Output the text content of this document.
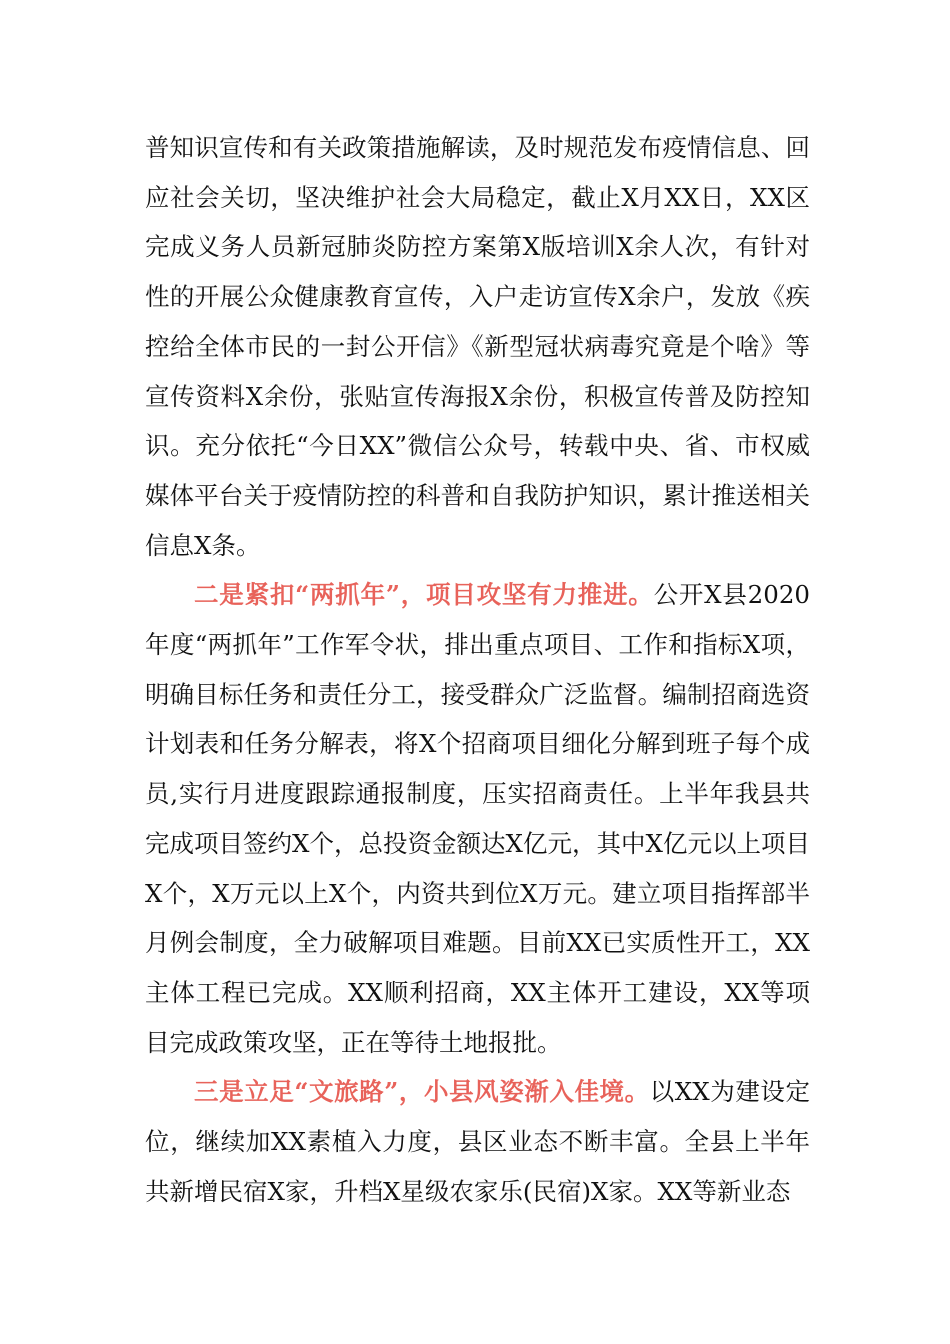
普知识宣传和有关政策措施解读，及时规范发布疫情信息、回应社会关切，坚决维护社会大局稳定，截止X月XX日，XX区完成义务人员新冠肺炎防控方案第X版培训X余人次，有针对性的开展公众健康教育宣传，入户走访宣传X余户，发放《疾控给全体市民的一封公开信》《新型冠状病毒究竟是个啥》等宣传资料X余份，张贴宣传海报X余份，积极宣传普及防控知识。充分依托“今日XX”微信公众号，转载中央、省、市权威媒体平台关于疫情防控的科普和自我防护知识，累计推送相关信息X条。

二是紧扣“两抓年”，项目攻坚有力推进。公开X县2020年度“两抓年”工作军令状，排出重点项目、工作和指标X项，明确目标任务和责任分工，接受群众广泛监督。编制招商选资计划表和任务分解表，将X个招商项目细化分解到班子每个成员,实行月进度跟踪通报制度，压实招商责任。上半年我县共完成项目签约X个，总投资金额达X亿元，其中X亿元以上项目X个，X万元以上X个，内资共到位X万元。建立项目指挥部半月例会制度，全力破解项目难题。目前XX已实质性开工，XX主体工程已完成。XX顺利招商，XX主体开工建设，XX等项目完成政策攻坚，正在等待土地报批。

三是立足“文旅路”，小县风姿渐入佳境。以XX为建设定位，继续加XX素植入力度，县区业态不断丰富。全县上半年共新增民宿X家，升档X星级农家乐(民宿)X家。XX等新业态
